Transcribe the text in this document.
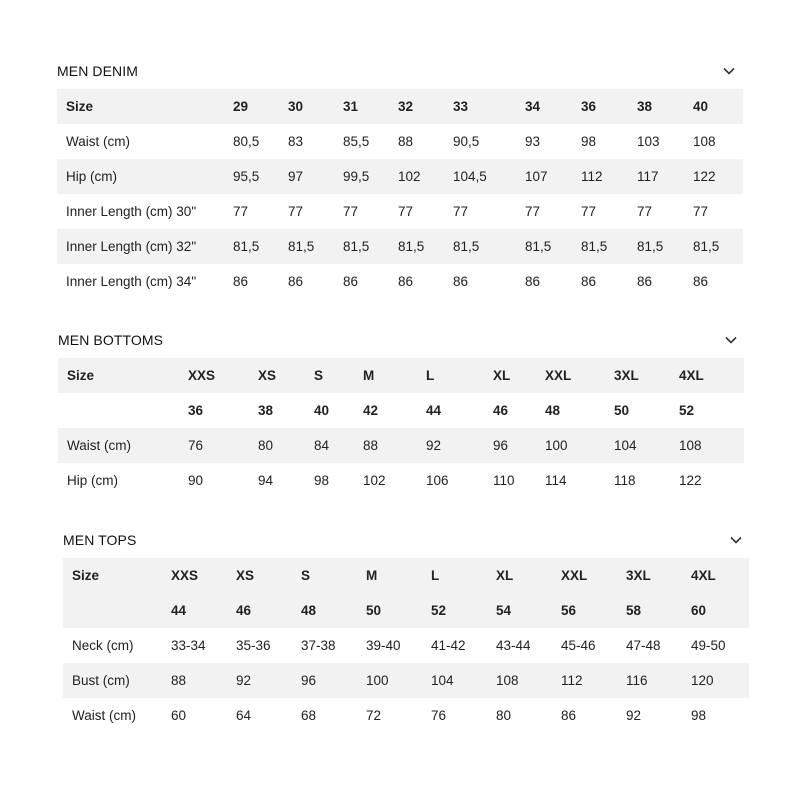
MEN DENIM
Size	29	30	31	32	33	34	36	38	40
Waist (cm)	80,5	83	85,5	88	90,5	93	98	103	108
Hip (cm)	95,5	97	99,5	102	104,5	107	112	117	122
Inner Length (cm) 30"	77	77	77	77	77	77	77	77	77
Inner Length (cm) 32"	81,5	81,5	81,5	81,5	81,5	81,5	81,5	81,5	81,5
Inner Length (cm) 34"	86	86	86	86	86	86	86	86	86
MEN BOTTOMS
Size	XXS	XS	S	M	L	XL	XXL	3XL	4XL
	36	38	40	42	44	46	48	50	52
Waist (cm)	76	80	84	88	92	96	100	104	108
Hip (cm)	90	94	98	102	106	110	114	118	122
MEN TOPS
Size	XXS	XS	S	M	L	XL	XXL	3XL	4XL
	44	46	48	50	52	54	56	58	60
Neck (cm)	33-34	35-36	37-38	39-40	41-42	43-44	45-46	47-48	49-50
Bust (cm)	88	92	96	100	104	108	112	116	120
Waist (cm)	60	64	68	72	76	80	86	92	98
